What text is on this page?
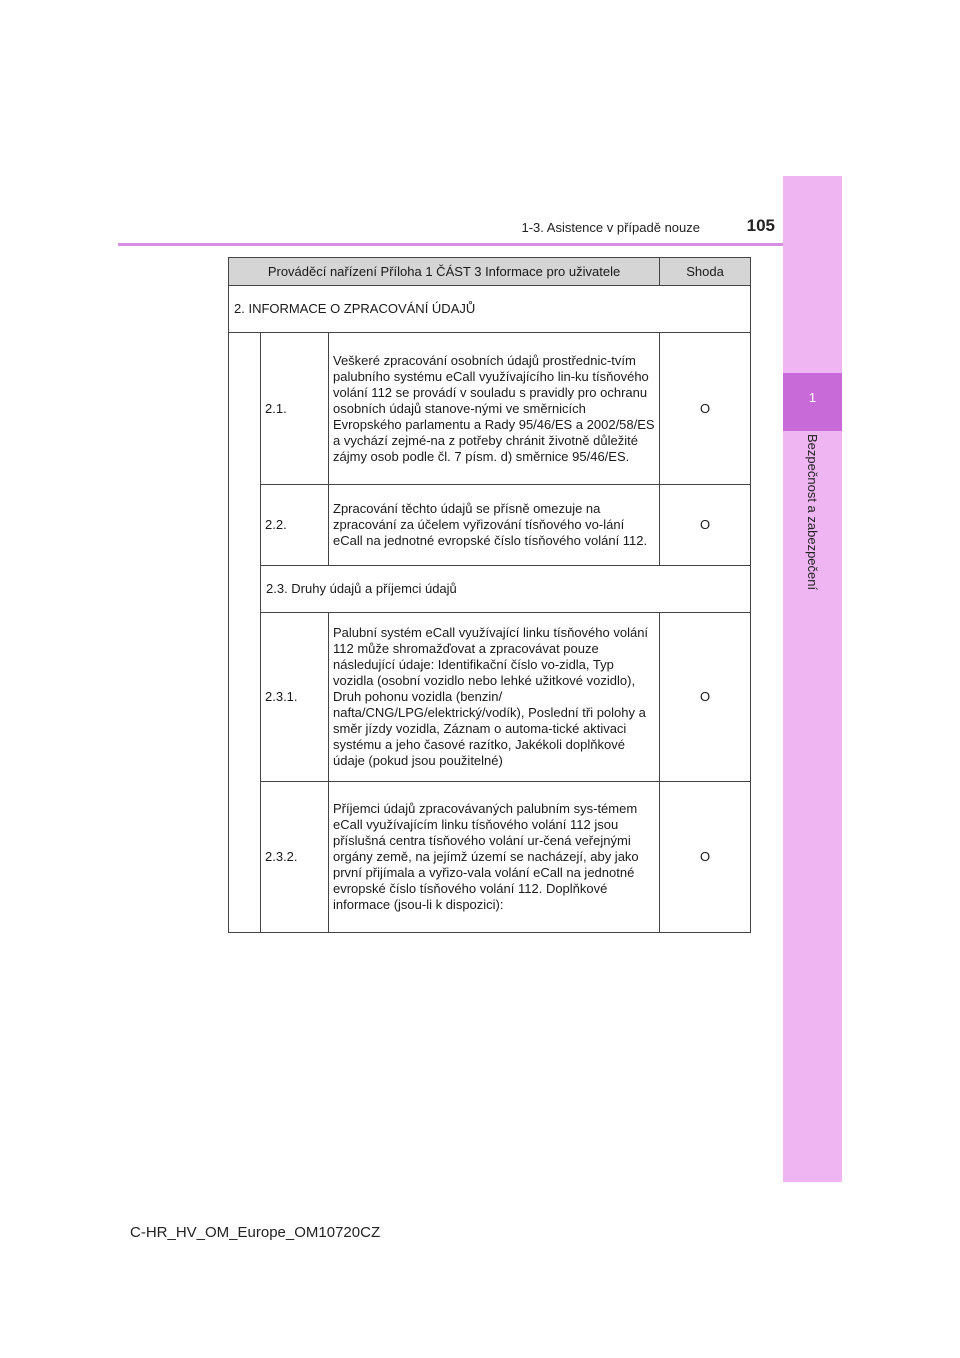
1
Bezpečnost a zabezpečení
1-3. Asistence v případě nouze	105
Prováděcí nařízení Příloha 1 ČÁST 3 Informace pro uživatele			Shoda
2. INFORMACE O ZPRACOVÁNÍ ÚDAJŮ			
	2.1.	Veškeré zpracování osobních údajů prostřednic-tvím palubního systému eCall využívajícího lin-ku tísňového volání 112 se provádí v souladu s pravidly pro ochranu osobních údajů stanove-nými ve směrnicích Evropského parlamentu a Rady 95/46/ES a 2002/58/ES a vychází zejmé-na z potřeby chránit životně důležité zájmy osob podle čl. 7 písm. d) směrnice 95/46/ES.	O
	2.2.	Zpracování těchto údajů se přísně omezuje na zpracování za účelem vyřizování tísňového vo-lání eCall na jednotné evropské číslo tísňového volání 112.	O
	2.3. Druhy údajů a příjemci údajů		
	2.3.1.	Palubní systém eCall využívající linku tísňového volání 112 může shromažďovat a zpracovávat pouze následující údaje: Identifikační číslo vo-zidla, Typ vozidla (osobní vozidlo nebo lehké užitkové vozidlo), Druh pohonu vozidla (benzin/ nafta/CNG/LPG/elektrický/vodík), Poslední tři polohy a směr jízdy vozidla, Záznam o automa-tické aktivaci systému a jeho časové razítko, Jakékoli doplňkové údaje (pokud jsou použitelné)	O
	2.3.2.	Příjemci údajů zpracovávaných palubním sys-témem eCall využívajícím linku tísňového volání 112 jsou příslušná centra tísňového volání ur-čená veřejnými orgány země, na jejímž území se nacházejí, aby jako první přijímala a vyřizo-vala volání eCall na jednotné evropské číslo tísňového volání 112. Doplňkové informace (jsou-li k dispozici):	O
C-HR_HV_OM_Europe_OM10720CZ
